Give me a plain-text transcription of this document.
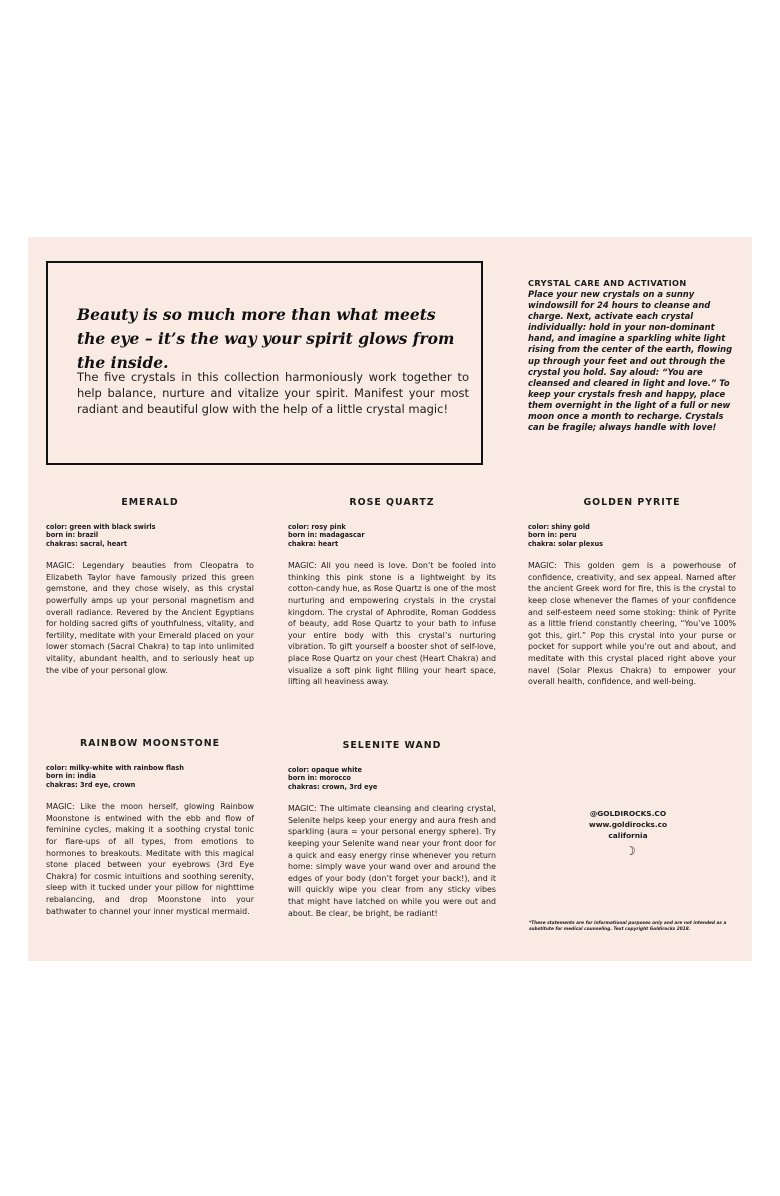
Beauty is so much more than what meets the eye – it’s the way your spirit glows from the inside.

The five crystals in this collection harmoniously work together to help balance, nurture and vitalize your spirit. Manifest your most radiant and beautiful glow with the help of a little crystal magic!

CRYSTAL CARE AND ACTIVATION

Place your new crystals on a sunny windowsill for 24 hours to cleanse and charge. Next, activate each crystal individually: hold in your non-dominant hand, and imagine a sparkling white light rising from the center of the earth, flowing up through your feet and out through the crystal you hold. Say aloud: “You are cleansed and cleared in light and love.” To keep your crystals fresh and happy, place them overnight in the light of a full or new moon once a month to recharge. Crystals can be fragile; always handle with love!

EMERALD

color: green with black swirls
born in: brazil
chakras: sacral, heart

MAGIC: Legendary beauties from Cleopatra to Elizabeth Taylor have famously prized this green gemstone, and they chose wisely, as this crystal powerfully amps up your personal magnetism and overall radiance. Revered by the Ancient Egyptians for holding sacred gifts of youthfulness, vitality, and fertility, meditate with your Emerald placed on your lower stomach (Sacral Chakra) to tap into unlimited vitality, abundant health, and to seriously heat up the vibe of your personal glow.

ROSE QUARTZ

color: rosy pink
born in: madagascar
chakra: heart

MAGIC: All you need is love. Don’t be fooled into thinking this pink stone is a lightweight by its cotton-candy hue, as Rose Quartz is one of the most nurturing and empowering crystals in the crystal kingdom. The crystal of Aphrodite, Roman Goddess of beauty, add Rose Quartz to your bath to infuse your entire body with this crystal’s nurturing vibration. To gift yourself a booster shot of self-love, place Rose Quartz on your chest (Heart Chakra) and visualize a soft pink light filling your heart space, lifting all heaviness away.

GOLDEN PYRITE

color: shiny gold
born in: peru
chakra: solar plexus

MAGIC: This golden gem is a powerhouse of confidence, creativity, and sex appeal. Named after the ancient Greek word for fire, this is the crystal to keep close whenever the flames of your confidence and self-esteem need some stoking: think of Pyrite as a little friend constantly cheering, “You’ve 100% got this, girl.” Pop this crystal into your purse or pocket for support while you’re out and about, and meditate with this crystal placed right above your navel (Solar Plexus Chakra) to empower your overall health, confidence, and well-being.

RAINBOW MOONSTONE

color: milky-white with rainbow flash
born in: india
chakras: 3rd eye, crown

MAGIC: Like the moon herself, glowing Rainbow Moonstone is entwined with the ebb and flow of feminine cycles, making it a soothing crystal tonic for flare-ups of all types, from emotions to hormones to breakouts. Meditate with this magical stone placed between your eyebrows (3rd Eye Chakra) for cosmic intuitions and soothing serenity, sleep with it tucked under your pillow for nighttime rebalancing, and drop Moonstone into your bathwater to channel your inner mystical mermaid.

SELENITE WAND

color: opaque white
born in: morocco
chakras: crown, 3rd eye

MAGIC: The ultimate cleansing and clearing crystal, Selenite helps keep your energy and aura fresh and sparkling (aura = your personal energy sphere). Try keeping your Selenite wand near your front door for a quick and easy energy rinse whenever you return home: simply wave your wand over and around the edges of your body (don’t forget your back!), and it will quickly wipe you clear from any sticky vibes that might have latched on while you were out and about. Be clear, be bright, be radiant!

@GOLDIROCKS.CO
www.goldirocks.co
california
☽
*These statements are for informational purposes only and are not intended as a substitute for medical counseling. Text copyright Goldirocks 2018.
